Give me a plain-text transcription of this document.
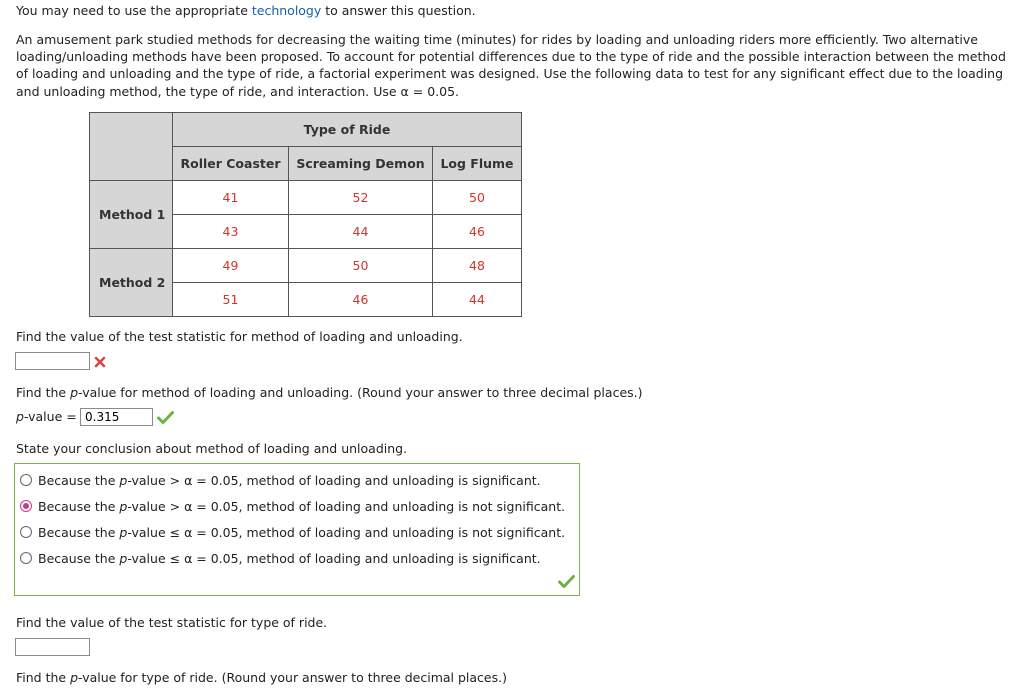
You may need to use the appropriate technology to answer this question.
An amusement park studied methods for decreasing the waiting time (minutes) for rides by loading and unloading riders more efficiently. Two alternative loading/unloading methods have been proposed. To account for potential differences due to the type of ride and the possible interaction between the method of loading and unloading and the type of ride, a factorial experiment was designed. Use the following data to test for any significant effect due to the loading and unloading method, the type of ride, and interaction. Use α = 0.05.
	Type of Ride		
	Roller Coaster	Screaming Demon	Log Flume
Method 1	41	52	50
	43	44	46
Method 2	49	50	48
	51	46	44
Find the value of the test statistic for method of loading and unloading.
Find the p-value for method of loading and unloading. (Round your answer to three decimal places.)
p-value =
0.315
State your conclusion about method of loading and unloading.
Because the p-value > α = 0.05, method of loading and unloading is significant.
Because the p-value > α = 0.05, method of loading and unloading is not significant.
Because the p-value ≤ α = 0.05, method of loading and unloading is not significant.
Because the p-value ≤ α = 0.05, method of loading and unloading is significant.
Find the value of the test statistic for type of ride.
Find the p-value for type of ride. (Round your answer to three decimal places.)
